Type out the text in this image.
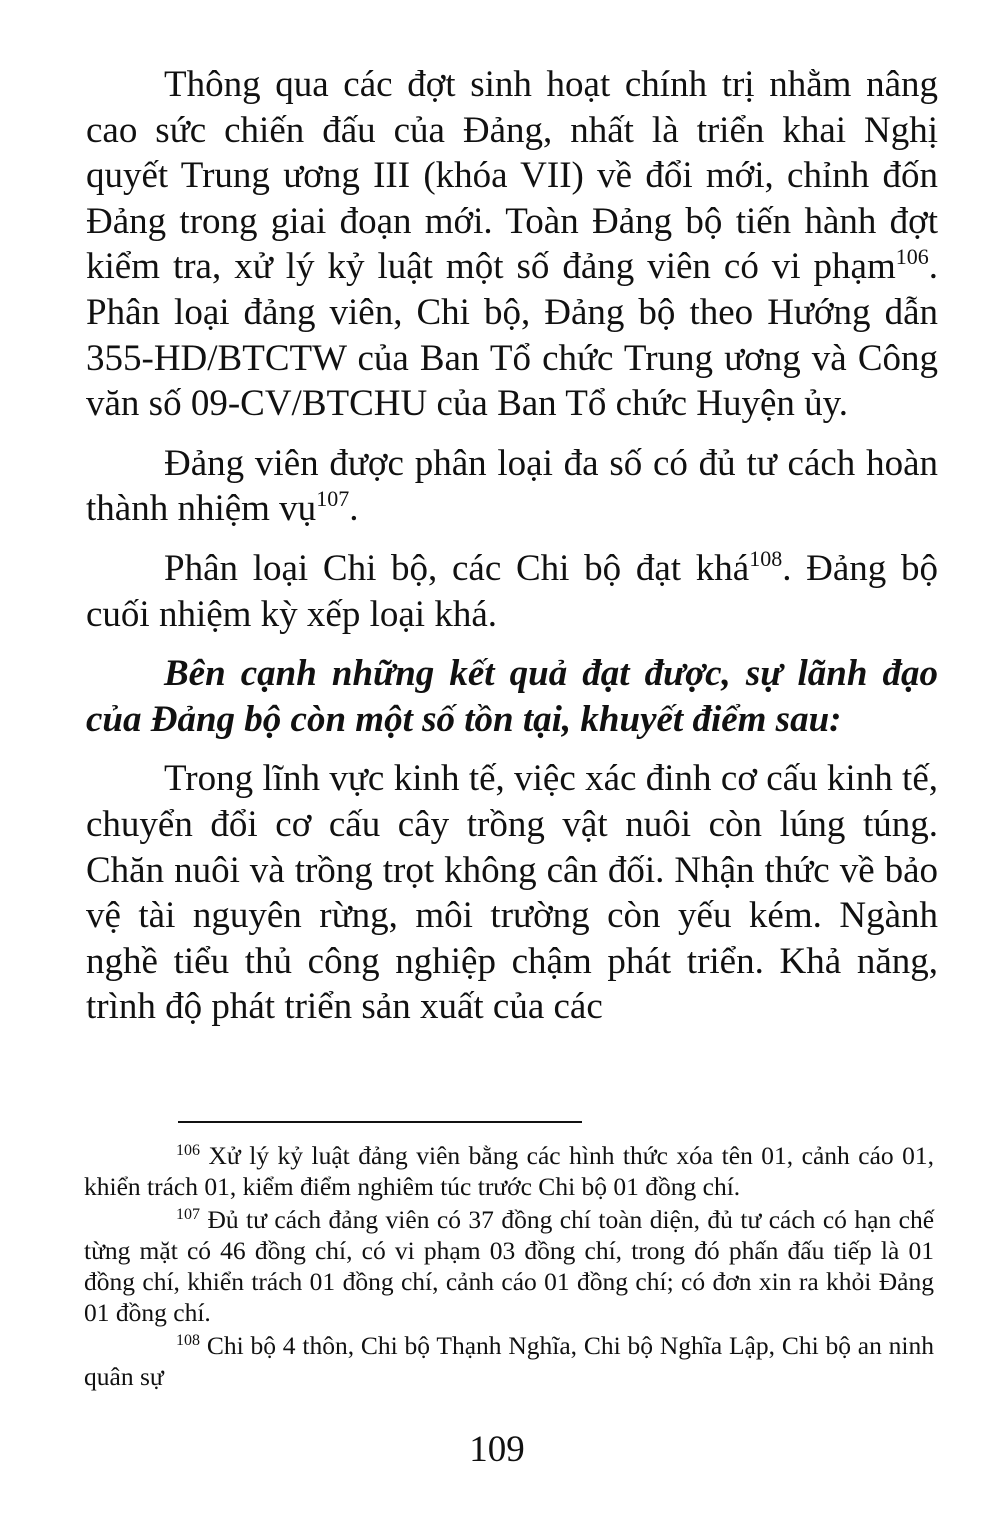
Thông qua các đợt sinh hoạt chính trị nhằm nâng cao sức chiến đấu của Đảng, nhất là triển khai Nghị quyết Trung ương III (khóa VII) về đổi mới, chỉnh đốn Đảng trong giai đoạn mới. Toàn Đảng bộ tiến hành đợt kiểm tra, xử lý kỷ luật một số đảng viên có vi phạm$^{106}$. Phân loại đảng viên, Chi bộ, Đảng bộ theo Hướng dẫn 355-HD/BTCTW của Ban Tổ chức Trung ương và Công văn số 09-CV/BTCHU của Ban Tổ chức Huyện ủy.

Đảng viên được phân loại đa số có đủ tư cách hoàn thành nhiệm vụ$^{107}$.

Phân loại Chi bộ, các Chi bộ đạt khá$^{108}$. Đảng bộ cuối nhiệm kỳ xếp loại khá.

Bên cạnh những kết quả đạt được, sự lãnh đạo của Đảng bộ còn một số tồn tại, khuyết điểm sau:

Trong lĩnh vực kinh tế, việc xác đinh cơ cấu kinh tế, chuyển đổi cơ cấu cây trồng vật nuôi còn lúng túng. Chăn nuôi và trồng trọt không cân đối. Nhận thức về bảo vệ tài nguyên rừng, môi trường còn yếu kém. Ngành nghề tiểu thủ công nghiệp chậm phát triển. Khả năng, trình độ phát triển sản xuất của các

$^{106}$ Xử lý kỷ luật đảng viên bằng các hình thức xóa tên 01, cảnh cáo 01, khiển trách 01, kiểm điểm nghiêm túc trước Chi bộ 01 đồng chí.

$^{107}$ Đủ tư cách đảng viên có 37 đồng chí toàn diện, đủ tư cách có hạn chế từng mặt có 46 đồng chí, có vi phạm 03 đồng chí, trong đó phấn đấu tiếp là 01 đồng chí, khiển trách 01 đồng chí, cảnh cáo 01 đồng chí; có đơn xin ra khỏi Đảng 01 đồng chí.

$^{108}$ Chi bộ 4 thôn, Chi bộ Thạnh Nghĩa, Chi bộ Nghĩa Lập, Chi bộ an ninh quân sự

109
